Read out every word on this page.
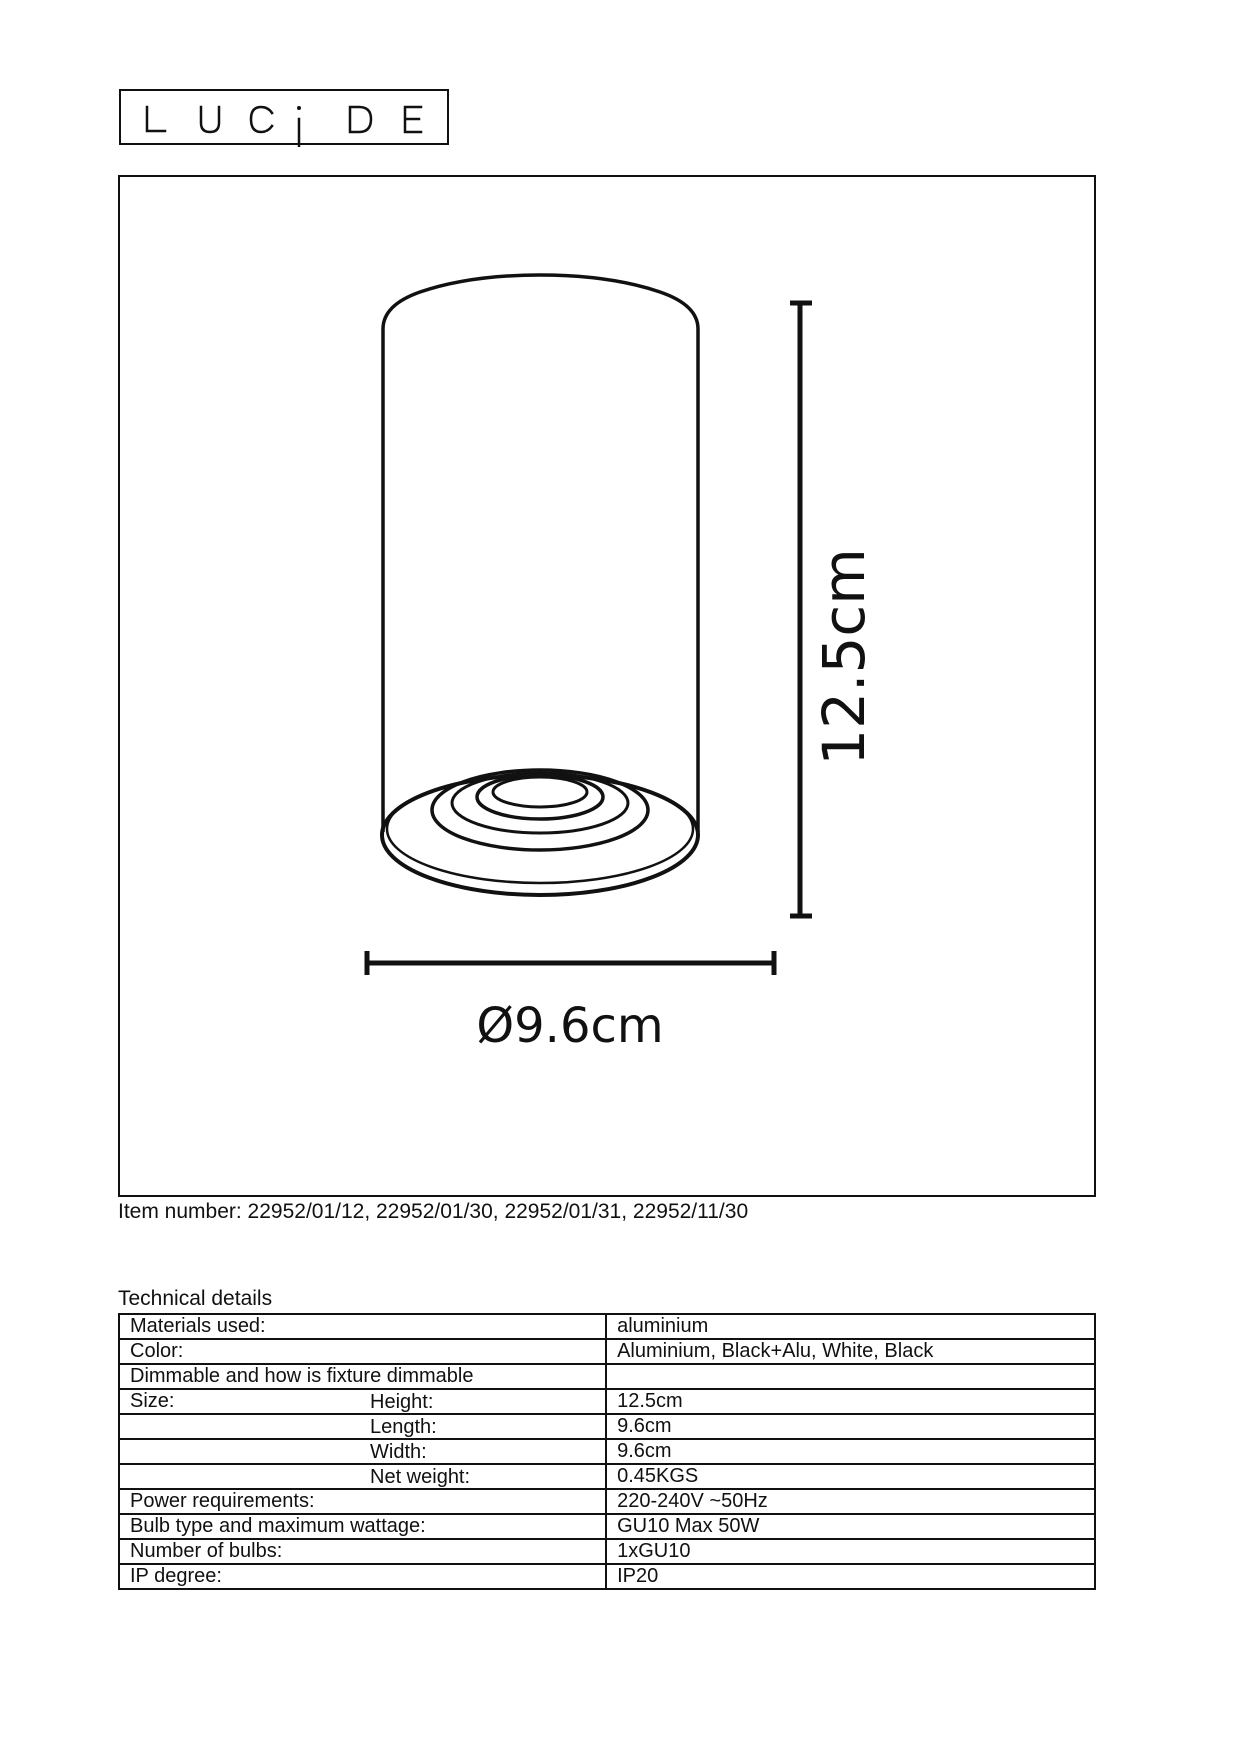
12.5cm
Ø9.6cm
Item number: 22952/01/12, 22952/01/30, 22952/01/31, 22952/11/30
Technical details
Materials used:	aluminium
Color:	Aluminium, Black+Alu, White, Black
Dimmable and how is fixture dimmable

Size: Height:	12.5cm

Length:	9.6cm

Width:	9.6cm

Net weight:	0.45KGS
Power requirements:	220-240V ~50Hz
Bulb type and maximum wattage:	GU10 Max 50W
Number of bulbs:	1xGU10
IP degree:	IP20
